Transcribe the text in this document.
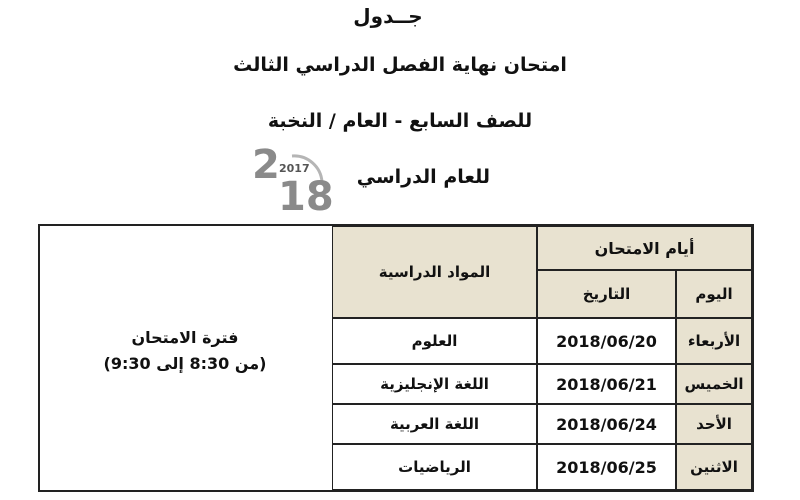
جــدول
امتحان نهاية الفصل الدراسي الثالث
للصف السابع - العام / النخبة
للعام الدراسي
2 2017
18
فترة الامتحان
(من 8:30 إلى 9:30)
أيام الامتحان
اليوم
التاريخ
المواد الدراسية
الأربعاء
2018/06/20
العلوم
الخميس
2018/06/21
اللغة الإنجليزية
الأحد
2018/06/24
اللغة العربية
الاثنين
2018/06/25
الرياضيات
